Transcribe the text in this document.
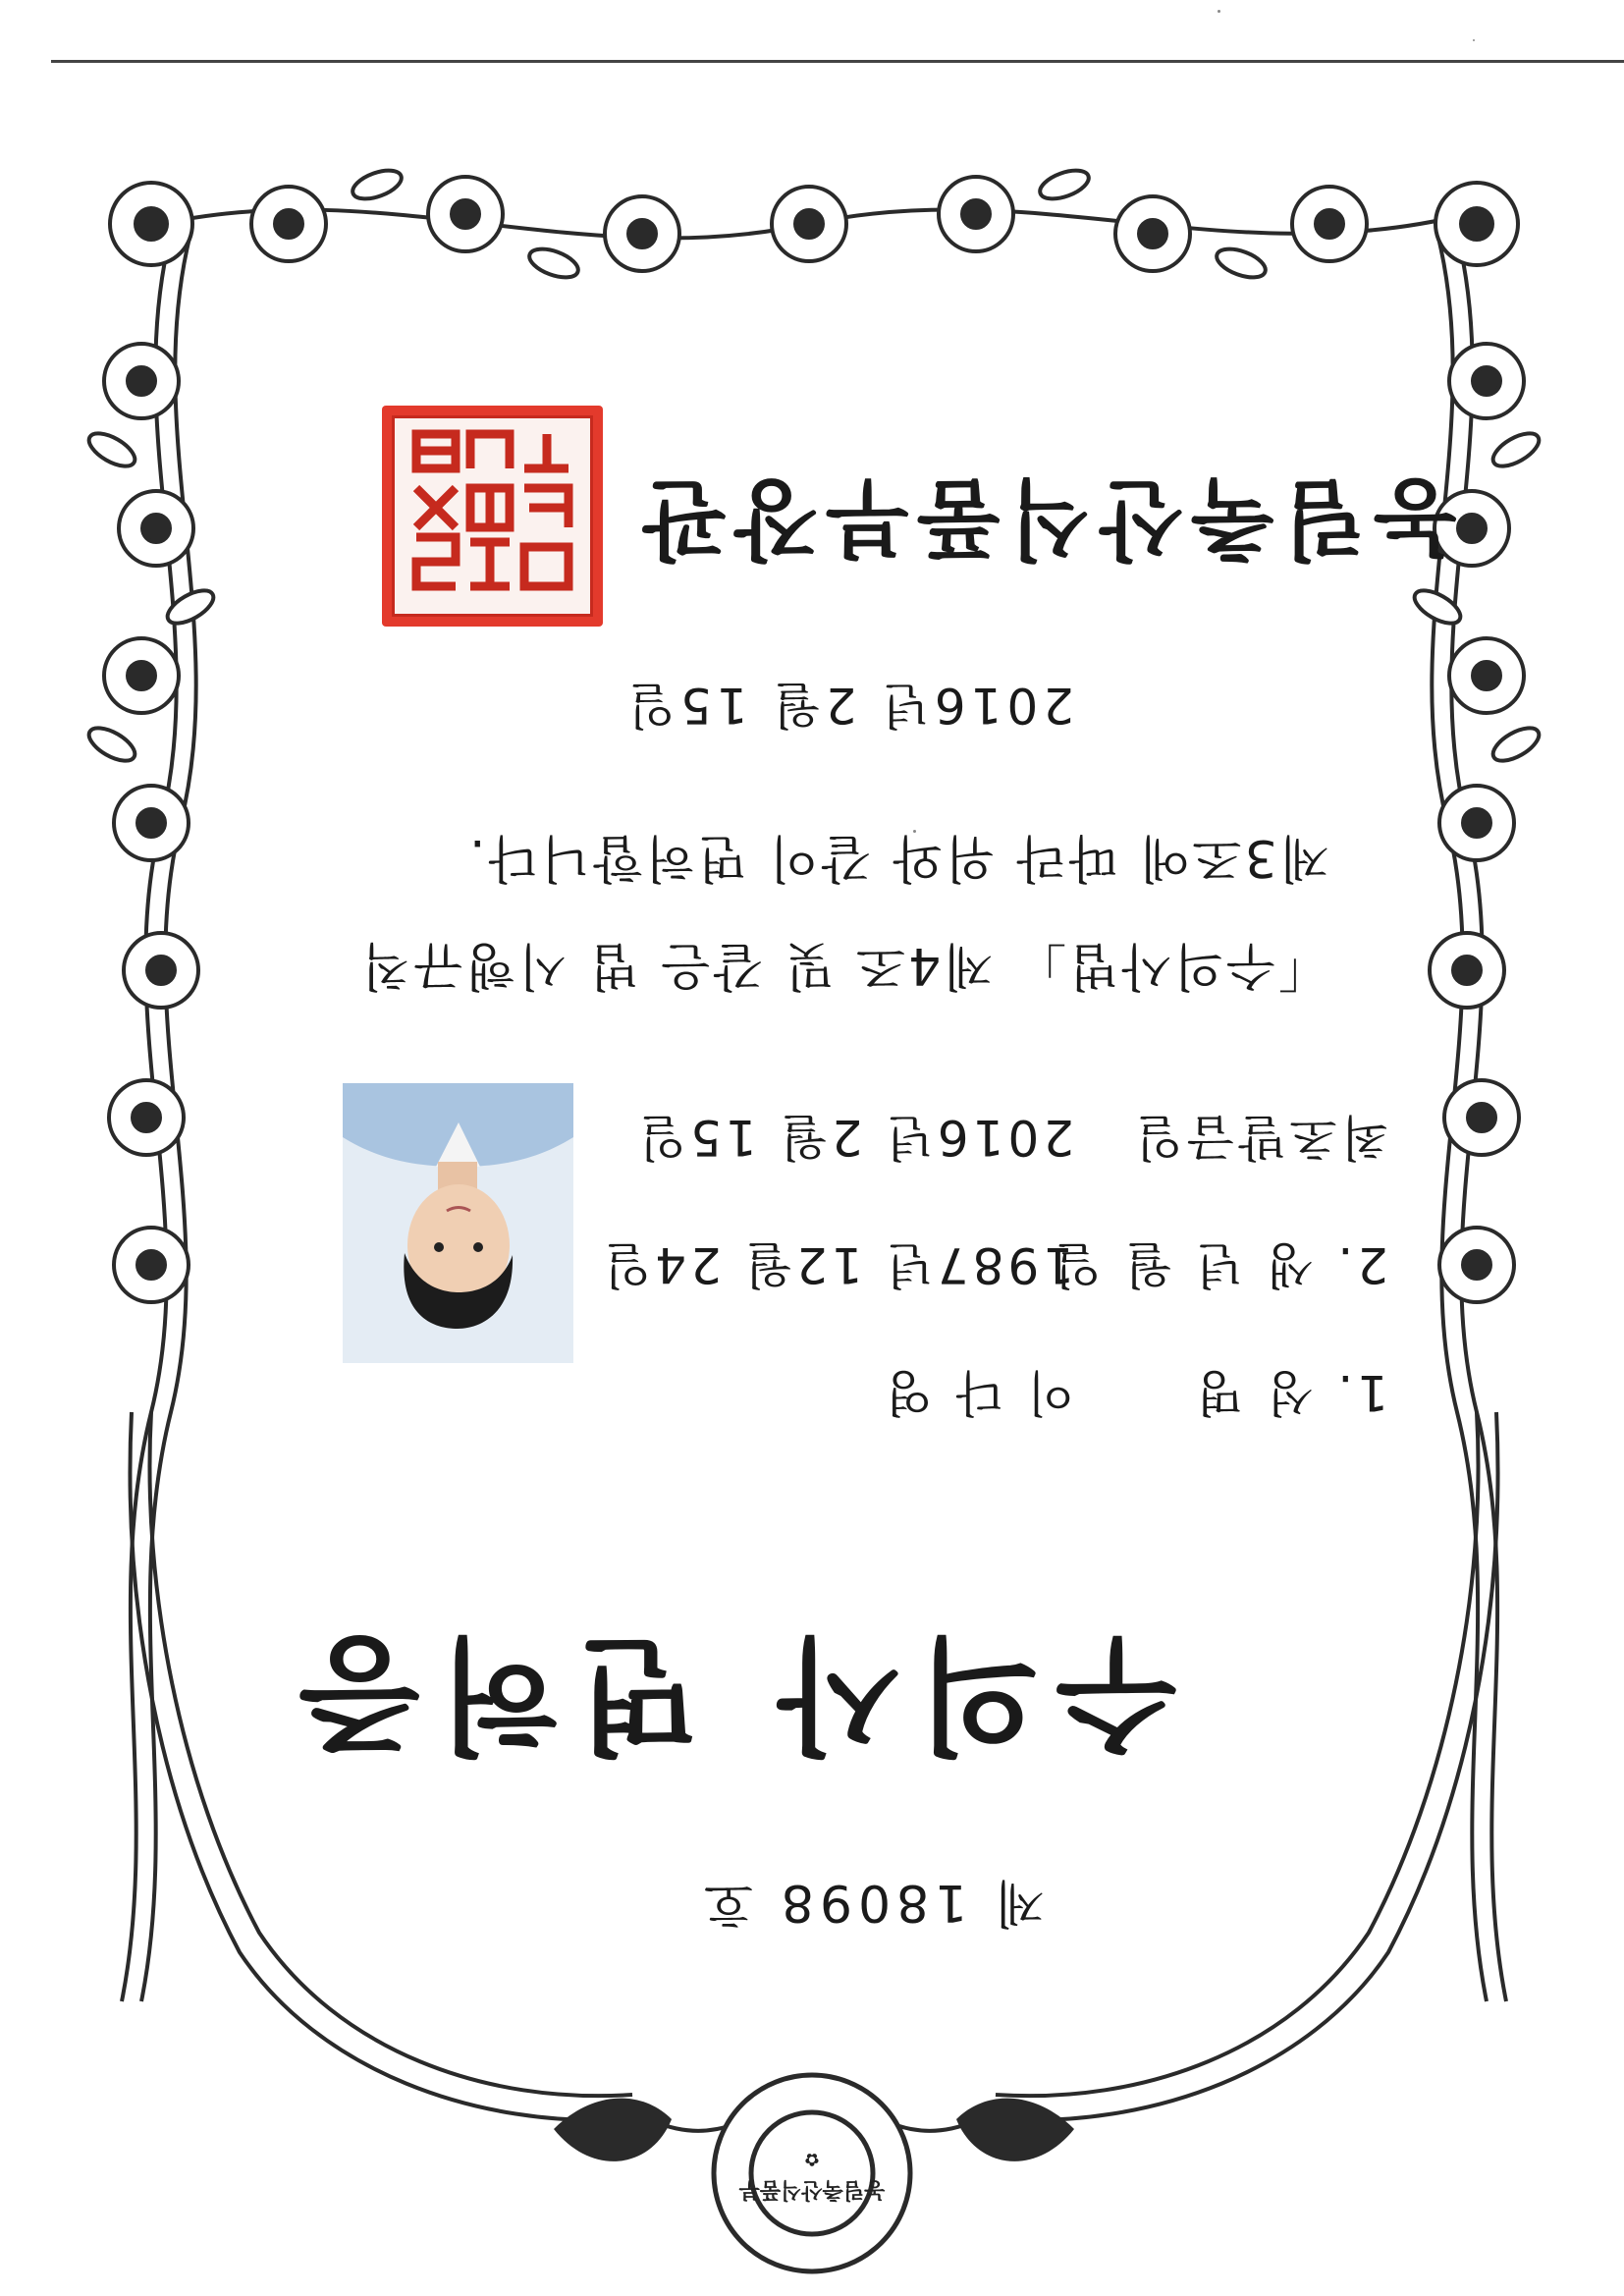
농림축산식품부
✿
제 18098 호
수의사 면허증
1. 성 명 이 다 영
2. 생 년 월 일 1987년 12월 24일
최초발급일 2016년 2월 15일
「수의사법」 제4조 및 같은 법 시행규칙
제3조에 따라 위와 같이 면허합니다.
2016년 2월 15일
농림축산식품부장관
